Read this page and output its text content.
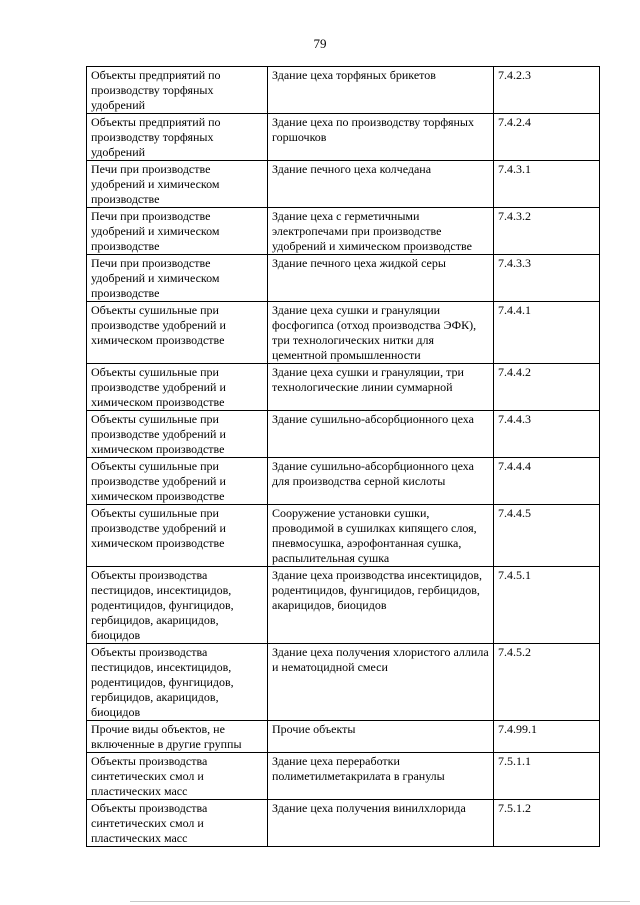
79
Объекты предприятий по производству торфяных удобрений	Здание цеха торфяных брикетов	7.4.2.3
Объекты предприятий по производству торфяных удобрений	Здание цеха по производству торфяных горшочков	7.4.2.4
Печи при производстве удобрений и химическом производстве	Здание печного цеха колчедана	7.4.3.1
Печи при производстве удобрений и химическом производстве	Здание цеха с герметичными электропечами при производстве удобрений и химическом производстве	7.4.3.2
Печи при производстве удобрений и химическом производстве	Здание печного цеха жидкой серы	7.4.3.3
Объекты сушильные при производстве удобрений и химическом производстве	Здание цеха сушки и грануляции фосфогипса (отход производства ЭФК), три технологических нитки для цементной промышленности	7.4.4.1
Объекты сушильные при производстве удобрений и химическом производстве	Здание цеха сушки и грануляции, три технологические линии суммарной	7.4.4.2
Объекты сушильные при производстве удобрений и химическом производстве	Здание сушильно-абсорбционного цеха	7.4.4.3
Объекты сушильные при производстве удобрений и химическом производстве	Здание сушильно-абсорбционного цеха для производства серной кислоты	7.4.4.4
Объекты сушильные при производстве удобрений и химическом производстве	Сооружение установки сушки, проводимой в сушилках кипящего слоя, пневмосушка, аэрофонтанная сушка, распылительная сушка	7.4.4.5
Объекты производства пестицидов, инсектицидов, родентицидов, фунгицидов, гербицидов, акарицидов, биоцидов	Здание цеха производства инсектицидов, родентицидов, фунгицидов, гербицидов, акарицидов, биоцидов	7.4.5.1
Объекты производства пестицидов, инсектицидов, родентицидов, фунгицидов, гербицидов, акарицидов, биоцидов	Здание цеха получения хлористого аллила и нематоцидной смеси	7.4.5.2
Прочие виды объектов, не включенные в другие группы	Прочие объекты	7.4.99.1
Объекты производства синтетических смол и пластических масс	Здание цеха переработки полиметилметакрилата в гранулы	7.5.1.1
Объекты производства синтетических смол и пластических масс	Здание цеха получения винилхлорида	7.5.1.2
